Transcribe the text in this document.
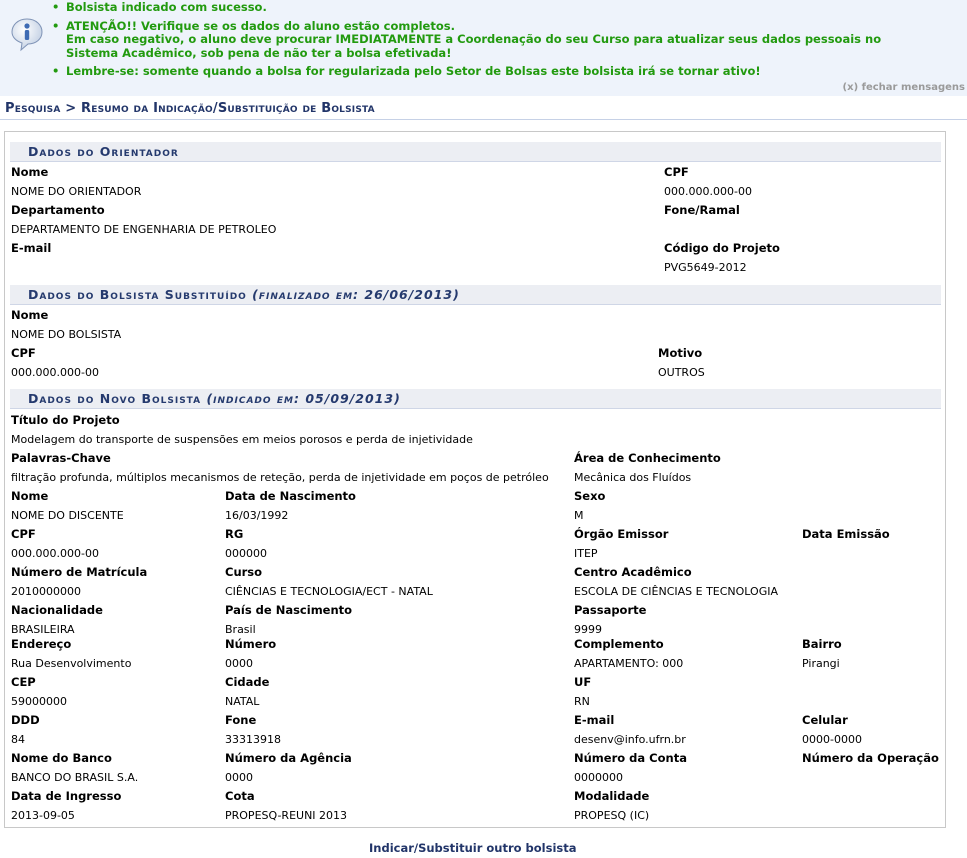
• Bolsista indicado com sucesso.
• ATENÇÃO!! Verifique se os dados do aluno estão completos.
Em caso negativo, o aluno deve procurar IMEDIATAMENTE a Coordenação do seu Curso para atualizar seus dados pessoais no
Sistema Acadêmico, sob pena de não ter a bolsa efetivada!
• Lembre-se: somente quando a bolsa for regularizada pelo Setor de Bolsas este bolsista irá se tornar ativo!
(x) fechar mensagens
Pesquisa > Resumo da Indicação/Substituição de Bolsista
Dados do Orientador
Nome
NOME DO ORIENTADOR
CPF
000.000.000-00
Departamento
DEPARTAMENTO DE ENGENHARIA DE PETROLEO
Fone/Ramal
E-mail	Código do Projeto
PVG5649-2012
Dados do Bolsista Substituído (finalizado em: 26/06/2013)
Nome
NOME DO BOLSISTA
CPF
000.000.000-00
Motivo
OUTROS
Dados do Novo Bolsista (indicado em: 05/09/2013)
Título do Projeto
Modelagem do transporte de suspensões em meios porosos e perda de injetividade
Palavras-Chave
filtração profunda, múltiplos mecanismos de reteção, perda de injetividade em poços de petróleo
Área de Conhecimento
Mecânica dos Fluídos
Nome
NOME DO DISCENTE
Data de Nascimento
16/03/1992
Sexo
M
CPF
000.000.000-00
RG
000000
Órgão Emissor
ITEP
Data Emissão
Número de Matrícula
2010000000
Curso
CIÊNCIAS E TECNOLOGIA/ECT - NATAL
Centro Acadêmico
ESCOLA DE CIÊNCIAS E TECNOLOGIA
Nacionalidade
BRASILEIRA
País de Nascimento
Brasil
Passaporte
9999
Endereço
Rua Desenvolvimento
Número
0000
Complemento
APARTAMENTO: 000
Bairro
Pirangi
CEP
59000000
Cidade
NATAL
UF
RN
DDD
84
Fone
33313918
E-mail
desenv@info.ufrn.br
Celular
0000-0000
Nome do Banco
BANCO DO BRASIL S.A.
Número da Agência
0000
Número da Conta
0000000
Número da Operação
Data de Ingresso
2013-09-05
Cota
PROPESQ-REUNI 2013
Modalidade
PROPESQ (IC)
Indicar/Substituir outro bolsista
